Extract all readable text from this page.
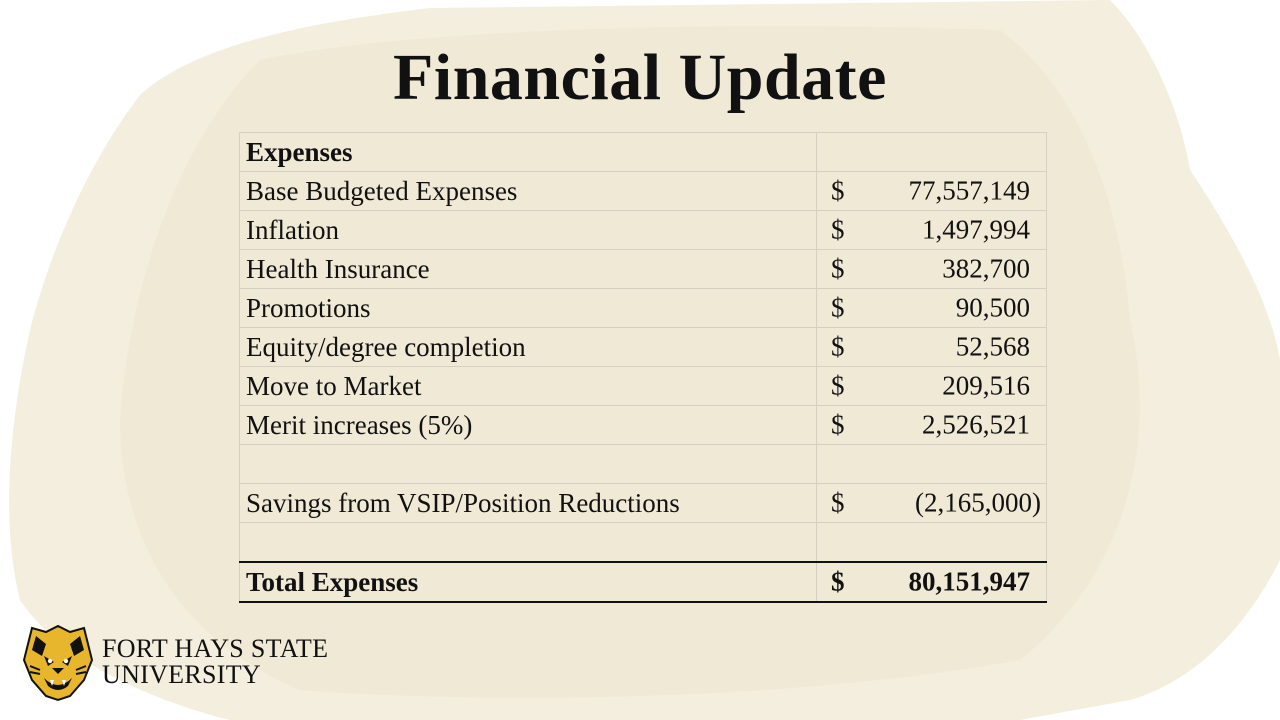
Financial Update
Expenses	
Base Budgeted Expenses	$ 77,557,149

Inflation	$ 1,497,994

Health Insurance	$ 382,700

Promotions	$ 90,500

Equity/degree completion	$ 52,568

Move to Market	$ 209,516

Merit increases (5%)	$ 2,526,521

Savings from VSIP/Position Reductions	$ (2,165,000)

Total Expenses	$ 80,151,947
FORT HAYS STATE
UNIVERSITY
